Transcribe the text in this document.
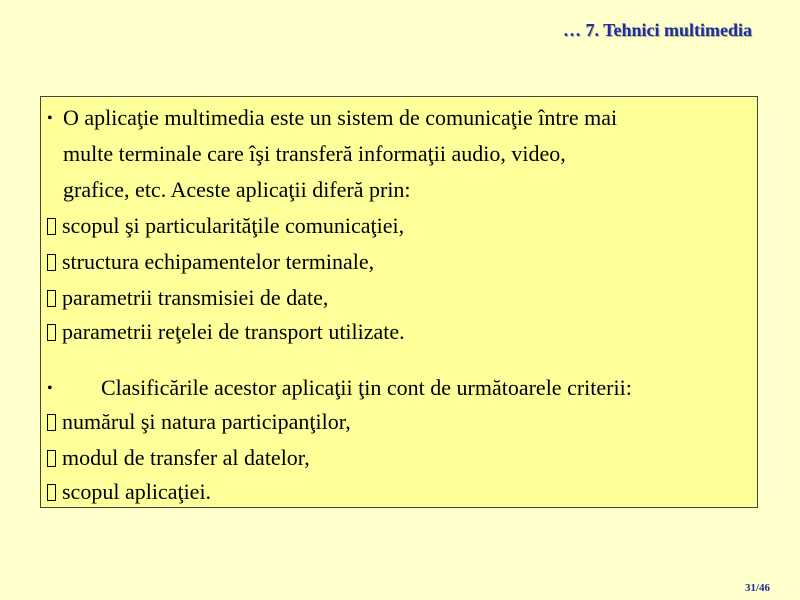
… 7. Tehnici multimedia
• O aplicaţie multimedia este un sistem de comunicaţie între mai
multe terminale care îşi transferă informaţii audio, video,
grafice, etc. Aceste aplicaţii diferă prin:
scopul şi particularităţile comunicaţiei,
structura echipamentelor terminale,
parametrii transmisiei de date,
parametrii reţelei de transport utilizate.
• Clasificările acestor aplicaţii ţin cont de următoarele criterii:
numărul şi natura participanţilor,
modul de transfer al datelor,
scopul aplicaţiei.
31/46
